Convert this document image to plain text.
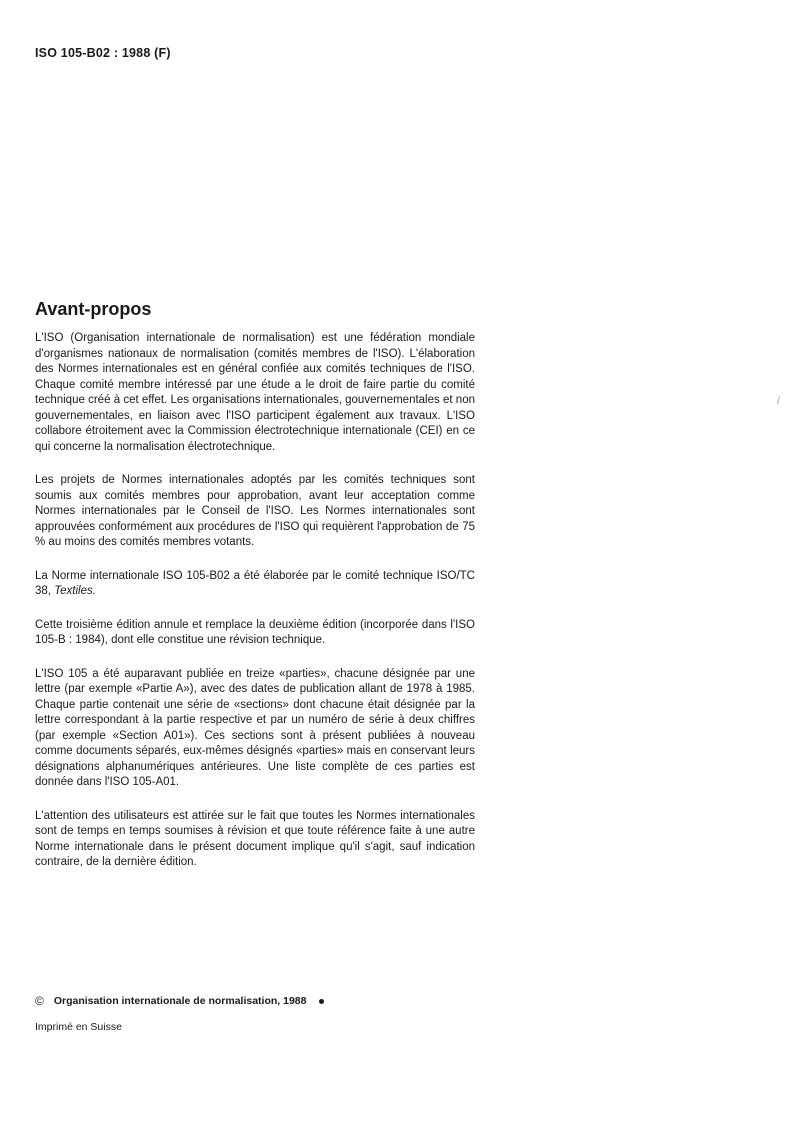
ISO 105-B02 : 1988 (F)
Avant-propos

L'ISO (Organisation internationale de normalisation) est une fédération mondiale d'organismes nationaux de normalisation (comités membres de l'ISO). L'élaboration des Normes internationales est en général confiée aux comités techniques de l'ISO. Chaque comité membre intéressé par une étude a le droit de faire partie du comité technique créé à cet effet. Les organisations internationales, gouvernementales et non gouvernementales, en liaison avec l'ISO participent également aux travaux. L'ISO collabore étroitement avec la Commission électrotechnique internationale (CEI) en ce qui concerne la normalisation électrotechnique.

Les projets de Normes internationales adoptés par les comités techniques sont soumis aux comités membres pour approbation, avant leur acceptation comme Normes internationales par le Conseil de l'ISO. Les Normes internationales sont approuvées conformément aux procédures de l'ISO qui requièrent l'approbation de 75 % au moins des comités membres votants.

La Norme internationale ISO 105-B02 a été élaborée par le comité technique ISO/TC 38, Textiles.

Cette troisième édition annule et remplace la deuxième édition (incorporée dans l'ISO 105-B : 1984), dont elle constitue une révision technique.

L'ISO 105 a été auparavant publiée en treize «parties», chacune désignée par une lettre (par exemple «Partie A»), avec des dates de publication allant de 1978 à 1985. Chaque partie contenait une série de «sections» dont chacune était désignée par la lettre correspondant à la partie respective et par un numéro de série à deux chiffres (par exemple «Section A01»). Ces sections sont à présent publiées à nouveau comme documents séparés, eux-mêmes désignés «parties» mais en conservant leurs désignations alphanumériques antérieures. Une liste complète de ces parties est donnée dans l'ISO 105-A01.

L'attention des utilisateurs est attirée sur le fait que toutes les Normes internationales sont de temps en temps soumises à révision et que toute référence faite à une autre Norme internationale dans le présent document implique qu'il s'agit, sauf indication contraire, de la dernière édition.

/
© Organisation internationale de normalisation, 1988
Imprimé en Suisse
